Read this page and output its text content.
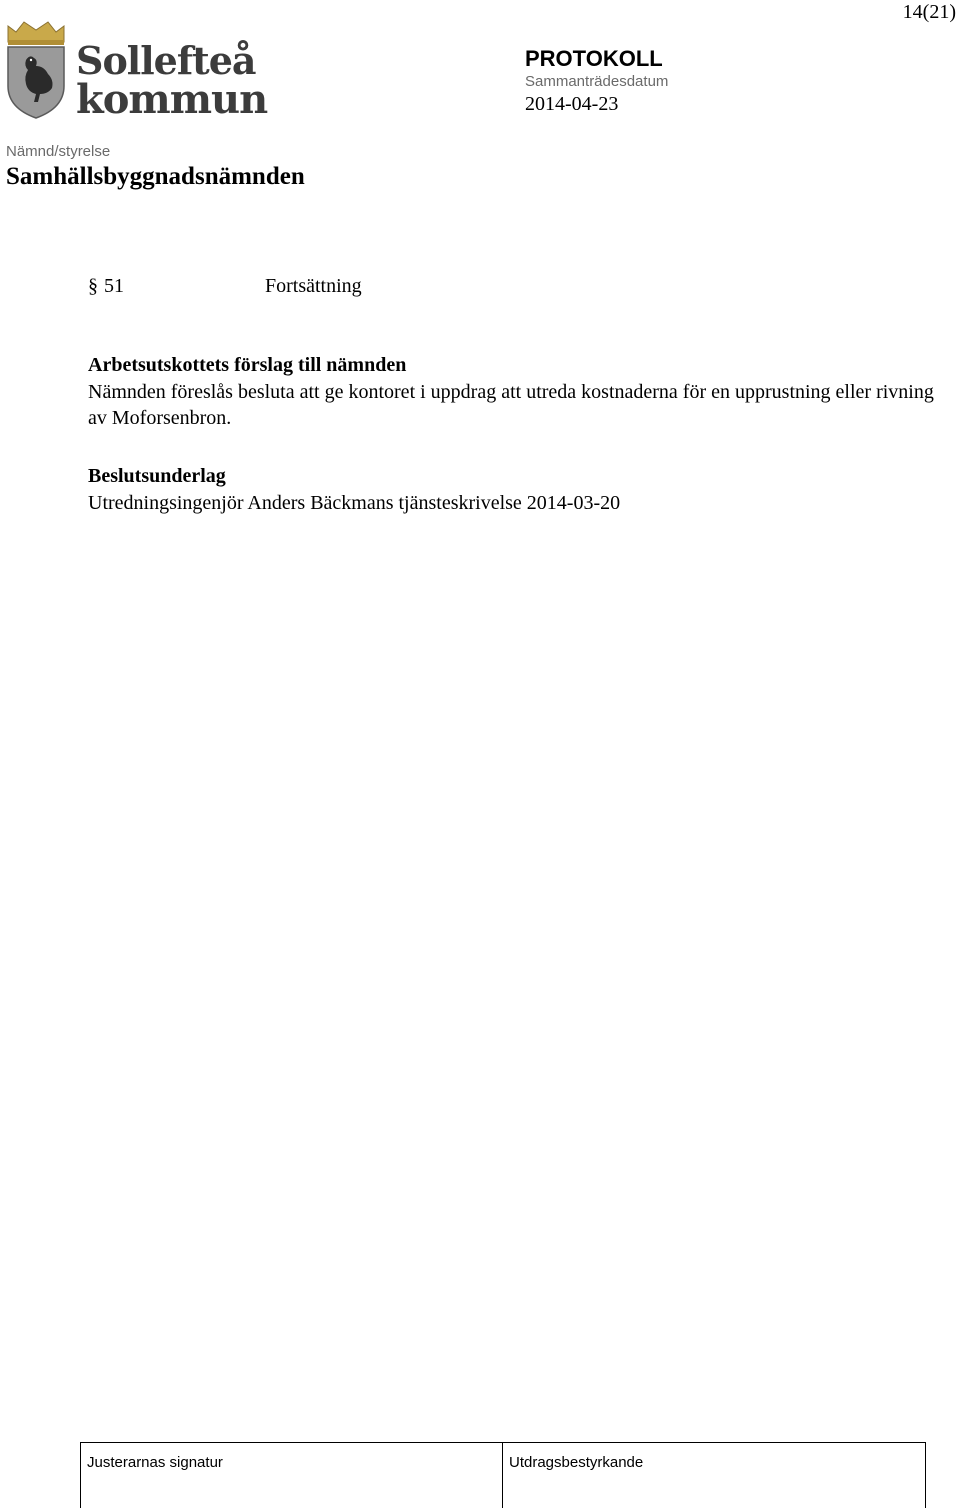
14(21)
Sollefteå
kommun
PROTOKOLL
Sammanträdesdatum
2014-04-23
Nämnd/styrelse
Samhällsbyggnadsnämnden
§ 51	Fortsättning
Arbetsutskottets förslag till nämnden
Nämnden föreslås besluta att ge kontoret i uppdrag att utreda kostnaderna för en upprustning eller rivning av Moforsenbron.
Beslutsunderlag
Utredningsingenjör Anders Bäckmans tjänsteskrivelse 2014-03-20
Justerarnas signatur	Utdragsbestyrkande
